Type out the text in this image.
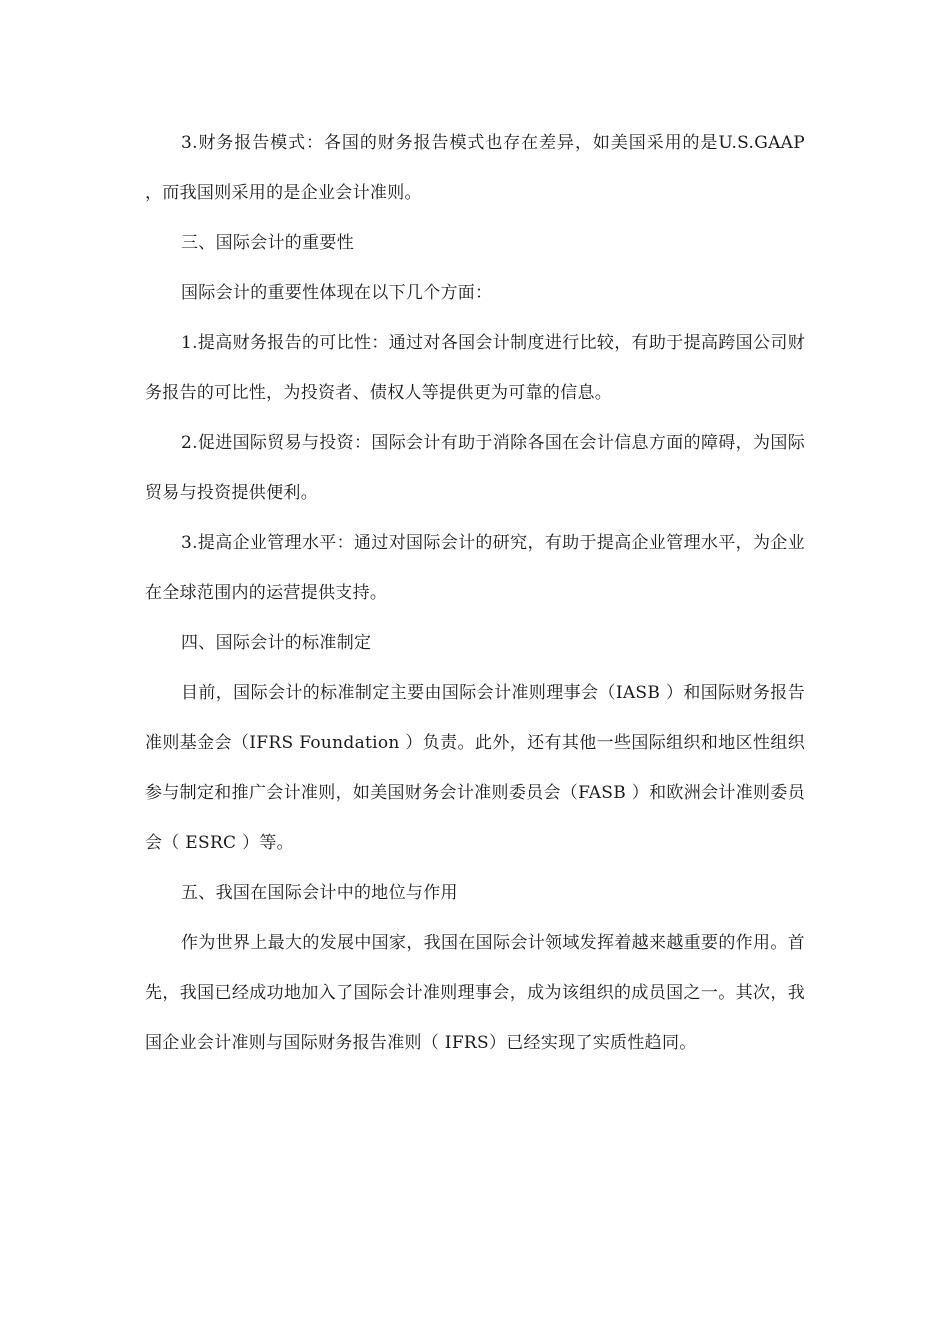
3.财务报告模式：各国的财务报告模式也存在差异，如美国采用的是U.S.GAAP ，而我国则采用的是企业会计准则。

三、国际会计的重要性

国际会计的重要性体现在以下几个方面：

1.提高财务报告的可比性：通过对各国会计制度进行比较，有助于提高跨国公司财务报告的可比性，为投资者、债权人等提供更为可靠的信息。

2.促进国际贸易与投资：国际会计有助于消除各国在会计信息方面的障碍，为国际贸易与投资提供便利。

3.提高企业管理水平：通过对国际会计的研究，有助于提高企业管理水平，为企业在全球范围内的运营提供支持。

四、国际会计的标准制定

目前，国际会计的标准制定主要由国际会计准则理事会（IASB ）和国际财务报告准则基金会（IFRS Foundation ）负责。此外，还有其他一些国际组织和地区性组织参与制定和推广会计准则，如美国财务会计准则委员会（FASB ）和欧洲会计准则委员会（ ESRC ）等。

五、我国在国际会计中的地位与作用

作为世界上最大的发展中国家，我国在国际会计领域发挥着越来越重要的作用。首先，我国已经成功地加入了国际会计准则理事会，成为该组织的成员国之一。其次，我国企业会计准则与国际财务报告准则（ IFRS）已经实现了实质性趋同。
